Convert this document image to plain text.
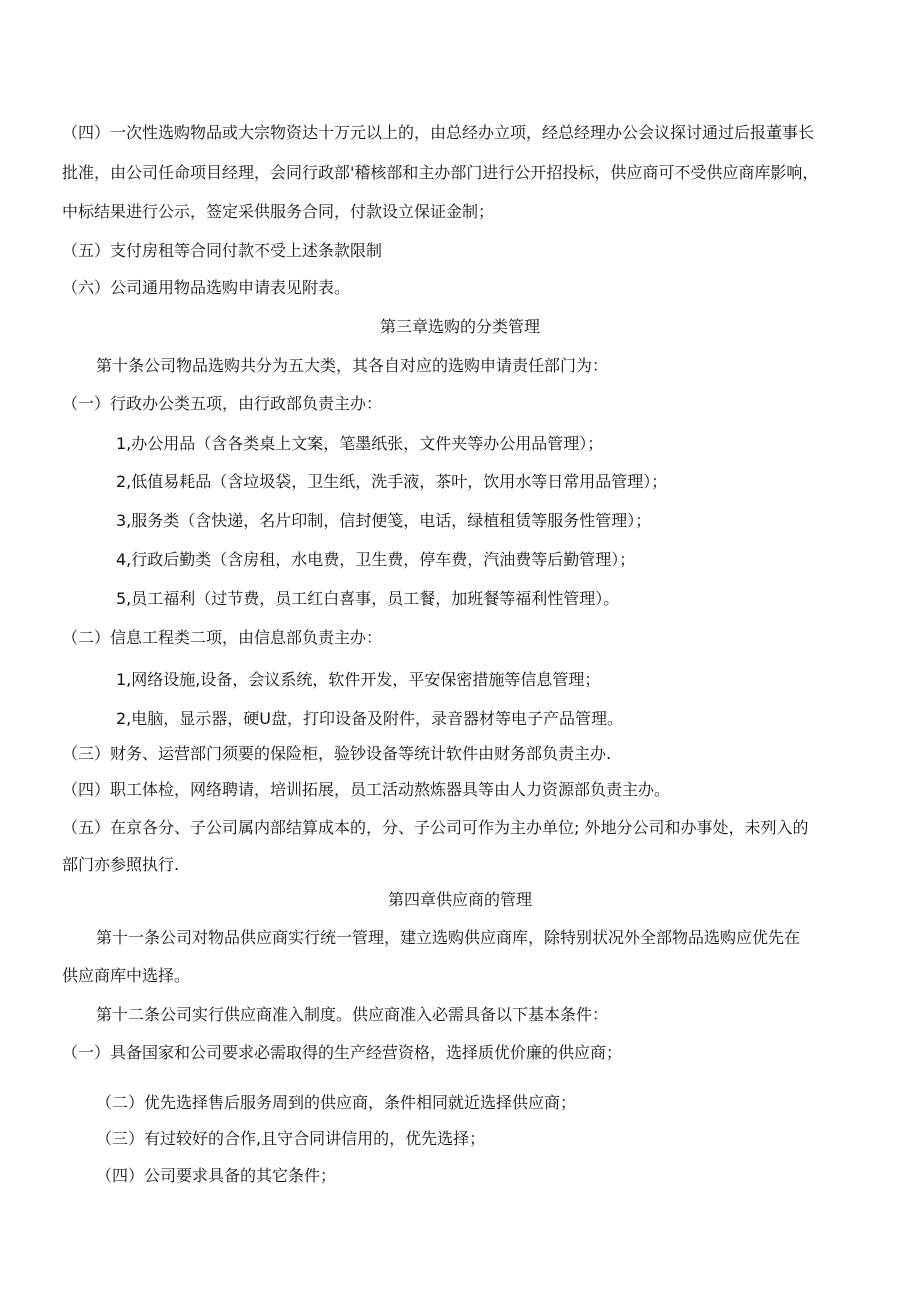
（四）一次性选购物品或大宗物资达十万元以上的，由总经办立项，经总经理办公会议探讨通过后报董事长
批准，由公司任命项目经理，会同行政部'稽核部和主办部门进行公开招投标，供应商可不受供应商库影响，
中标结果进行公示，签定采供服务合同，付款设立保证金制；
（五）支付房租等合同付款不受上述条款限制
（六）公司通用物品选购申请表见附表。
第三章选购的分类管理
第十条公司物品选购共分为五大类，其各自对应的选购申请责任部门为：
（一）行政办公类五项，由行政部负责主办：
1,办公用品（含各类桌上文案，笔墨纸张，文件夹等办公用品管理）；
2,低值易耗品（含垃圾袋，卫生纸，洗手液，茶叶，饮用水等日常用品管理）；
3,服务类（含快递，名片印制，信封便笺，电话，绿植租赁等服务性管理）；
4,行政后勤类（含房租，水电费，卫生费，停车费，汽油费等后勤管理）；
5,员工福利（过节费，员工红白喜事，员工餐，加班餐等福利性管理）。
（二）信息工程类二项，由信息部负责主办：
1,网络设施,设备，会议系统，软件开发，平安保密措施等信息管理；
2,电脑，显示器，硬U盘，打印设备及附件，录音器材等电子产品管理。
（三）财务、运营部门须要的保险柜，验钞设备等统计软件由财务部负责主办.
（四）职工体检，网络聘请，培训拓展，员工活动熬炼器具等由人力资源部负责主办。
（五）在京各分、子公司属内部结算成本的，分、子公司可作为主办单位; 外地分公司和办事处，未列入的
部门亦参照执行.
第四章供应商的管理
第十一条公司对物品供应商实行统一管理，建立选购供应商库，除特别状况外全部物品选购应优先在
供应商库中选择。
第十二条公司实行供应商准入制度。供应商准入必需具备以下基本条件：
（一）具备国家和公司要求必需取得的生产经营资格，选择质优价廉的供应商；
（二）优先选择售后服务周到的供应商，条件相同就近选择供应商；
（三）有过较好的合作,且守合同讲信用的，优先选择；
（四）公司要求具备的其它条件；
